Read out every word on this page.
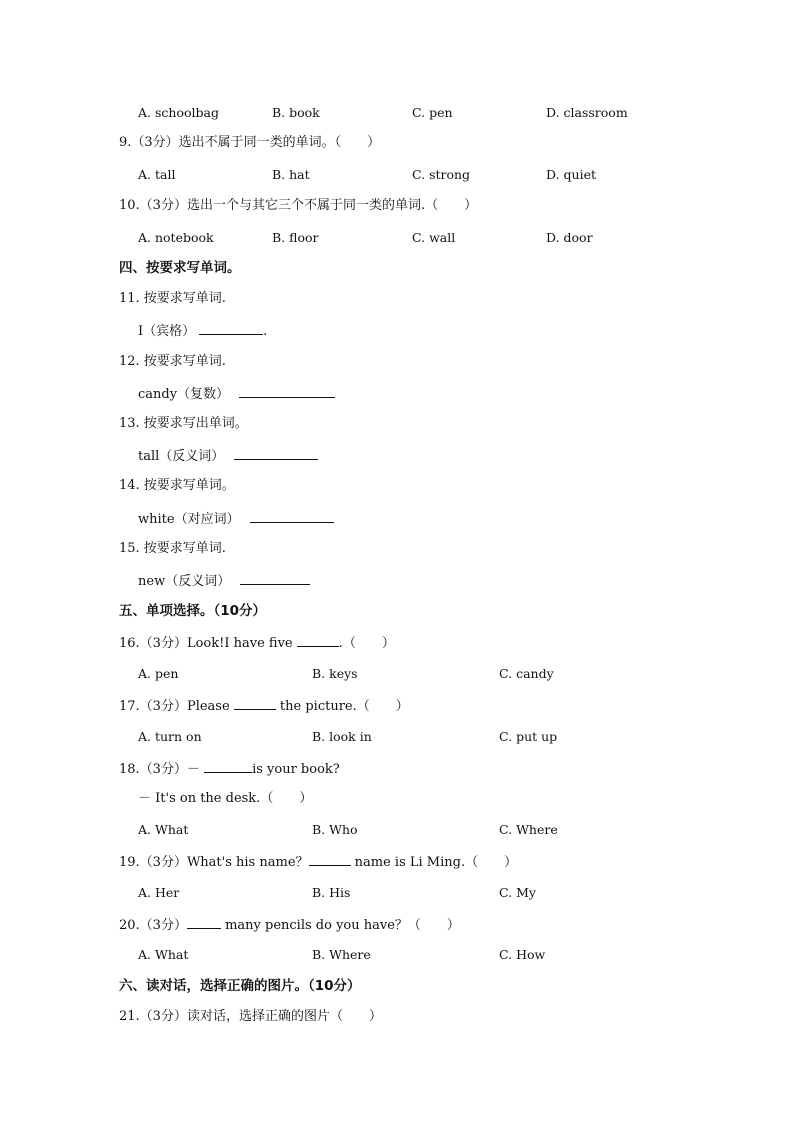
A. schoolbag	B. book	C. pen	D. classroom
9.（3分）选出不属于同一类的单词。（　　）
A. tall	B. hat	C. strong	D. quiet
10.（3分）选出一个与其它三个不属于同一类的单词.（　　）
A. notebook	B. floor	C. wall	D. door
四、按要求写单词。
11. 按要求写单词.
I（宾格）	.
12. 按要求写单词.
candy（复数）
13. 按要求写出单词。
tall（反义词）
14. 按要求写单词。
white（对应词）
15. 按要求写单词.
new（反义词）
五、单项选择。（10分）
16.（3分）Look!I have five	.（　　）
A. pen	B. keys	C. candy
17.（3分）Please	the picture.（　　）
A. turn on	B. look in	C. put up
18.（3分）－	is your book?
－ It's on the desk.（　　）
A. What	B. Who	C. Where
19.（3分）What's his name？	name is Li Ming.（　　）
A. Her	B. His	C. My
20.（3分）	many pencils do you have？（　　）
A. What	B. Where	C. How
六、读对话，选择正确的图片。（10分）
21.（3分）读对话，选择正确的图片（　　）
